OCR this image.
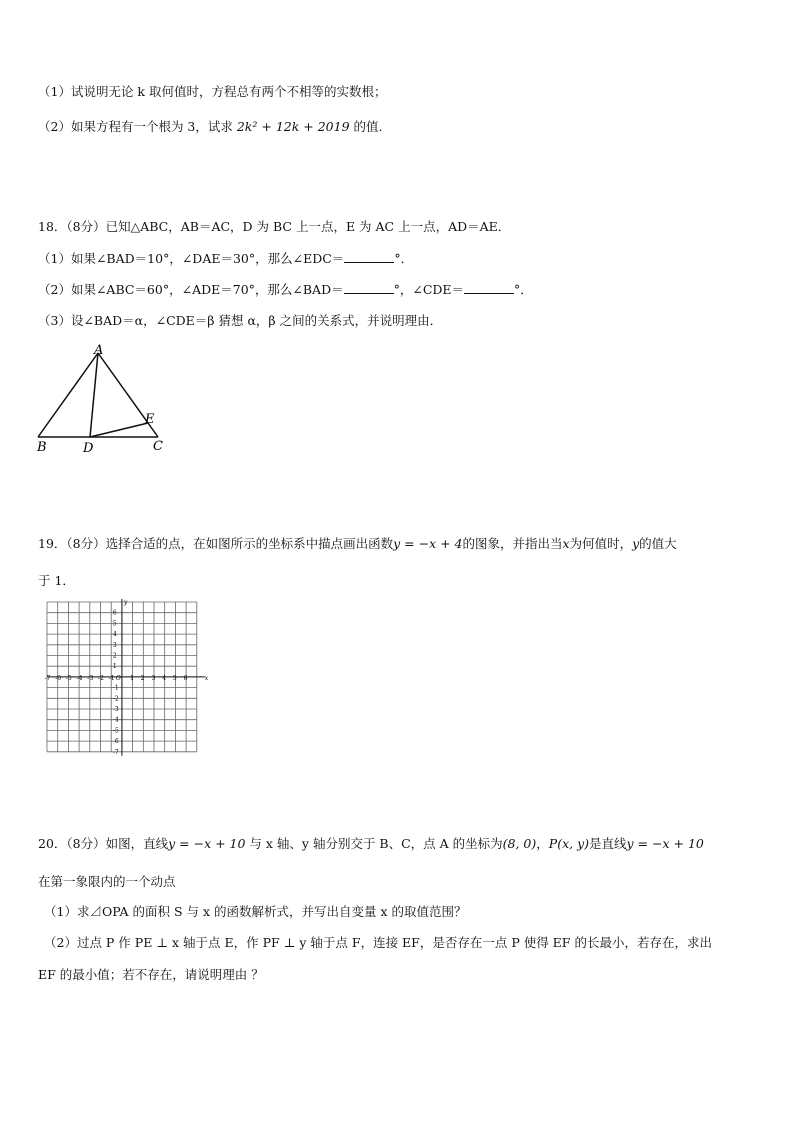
（1）试说明无论 k 取何值时，方程总有两个不相等的实数根；
（2）如果方程有一个根为 3，试求 2k² + 12k + 2019 的值.
18．（8分）已知△ABC，AB＝AC，D 为 BC 上一点，E 为 AC 上一点，AD＝AE．
（1）如果∠BAD＝10°，∠DAE＝30°，那么∠EDC＝	°．
（2）如果∠ABC＝60°，∠ADE＝70°，那么∠BAD＝	°，∠CDE＝	°．
（3）设∠BAD＝α，∠CDE＝β 猜想 α，β 之间的关系式，并说明理由．
A
B	C
D
E
19．（8分）选择合适的点，在如图所示的坐标系中描点画出函数y = −x + 4的图象，并指出当x为何值时，y的值大
于 1．
x
y
O
-7 -6 -5 -4 -3 -2 -1	1 2 3 4 5 6
6
5
4
3
2
1
-1
-2
-3
-4
-5
-6
-7
20．（8分）如图，直线y = −x + 10 与 x 轴、y 轴分别交于 B、C，点 A 的坐标为(8, 0)，P(x, y)是直线y = −x + 10
在第一象限内的一个动点
（1）求⊿OPA 的面积 S 与 x 的函数解析式，并写出自变量 x 的取值范围？
（2）过点 P 作 PE ⊥ x 轴于点 E，作 PF ⊥ y 轴于点 F，连接 EF，是否存在一点 P 使得 EF 的长最小，若存在，求出
EF 的最小值；若不存在，请说明理由 ？
